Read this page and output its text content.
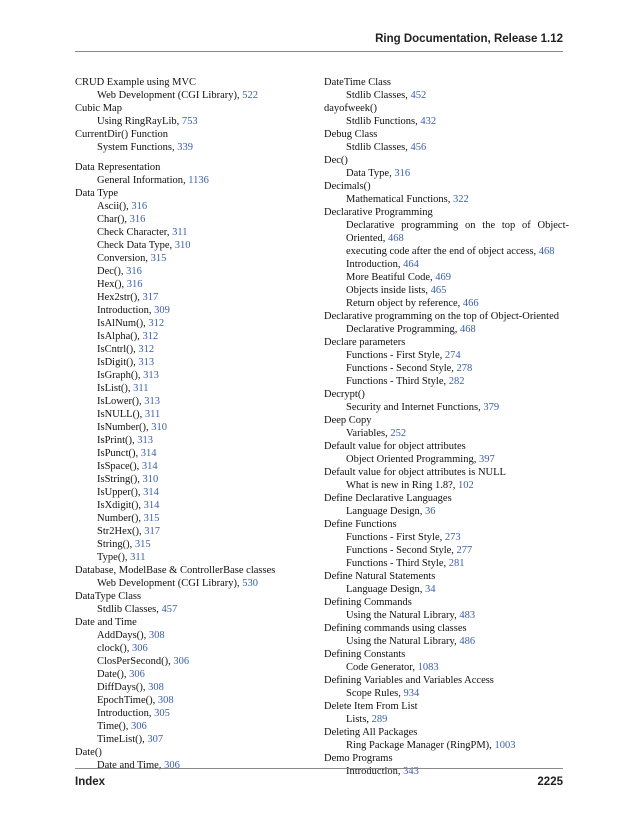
Ring Documentation, Release 1.12
CRUD Example using MVC
Web Development (CGI Library), 522
Cubic Map
Using RingRayLib, 753
CurrentDir() Function
System Functions, 339
Data Representation
General Information, 1136
Data Type
Ascii(), 316
Char(), 316
Check Character, 311
Check Data Type, 310
Conversion, 315
Dec(), 316
Hex(), 316
Hex2str(), 317
Introduction, 309
IsAlNum(), 312
IsAlpha(), 312
IsCntrl(), 312
IsDigit(), 313
IsGraph(), 313
IsList(), 311
IsLower(), 313
IsNULL(), 311
IsNumber(), 310
IsPrint(), 313
IsPunct(), 314
IsSpace(), 314
IsString(), 310
IsUpper(), 314
IsXdigit(), 314
Number(), 315
Str2Hex(), 317
String(), 315
Type(), 311
Database, ModelBase & ControllerBase classes
Web Development (CGI Library), 530
DataType Class
Stdlib Classes, 457
Date and Time
AddDays(), 308
clock(), 306
ClosPerSecond(), 306
Date(), 306
DiffDays(), 308
EpochTime(), 308
Introduction, 305
Time(), 306
TimeList(), 307
Date()
Date and Time, 306
DateTime Class
Stdlib Classes, 452
dayofweek()
Stdlib Functions, 432
Debug Class
Stdlib Classes, 456
Dec()
Data Type, 316
Decimals()
Mathematical Functions, 322
Declarative Programming
Declarative programming on the top of Object-Oriented, 468
executing code after the end of object access, 468
Introduction, 464
More Beatiful Code, 469
Objects inside lists, 465
Return object by reference, 466
Declarative programming on the top of Object-Oriented
Declarative Programming, 468
Declare parameters
Functions - First Style, 274
Functions - Second Style, 278
Functions - Third Style, 282
Decrypt()
Security and Internet Functions, 379
Deep Copy
Variables, 252
Default value for object attributes
Object Oriented Programming, 397
Default value for object attributes is NULL
What is new in Ring 1.8?, 102
Define Declarative Languages
Language Design, 36
Define Functions
Functions - First Style, 273
Functions - Second Style, 277
Functions - Third Style, 281
Define Natural Statements
Language Design, 34
Defining Commands
Using the Natural Library, 483
Defining commands using classes
Using the Natural Library, 486
Defining Constants
Code Generator, 1083
Defining Variables and Variables Access
Scope Rules, 934
Delete Item From List
Lists, 289
Deleting All Packages
Ring Package Manager (RingPM), 1003
Demo Programs
Introduction, 343
Index	2225
